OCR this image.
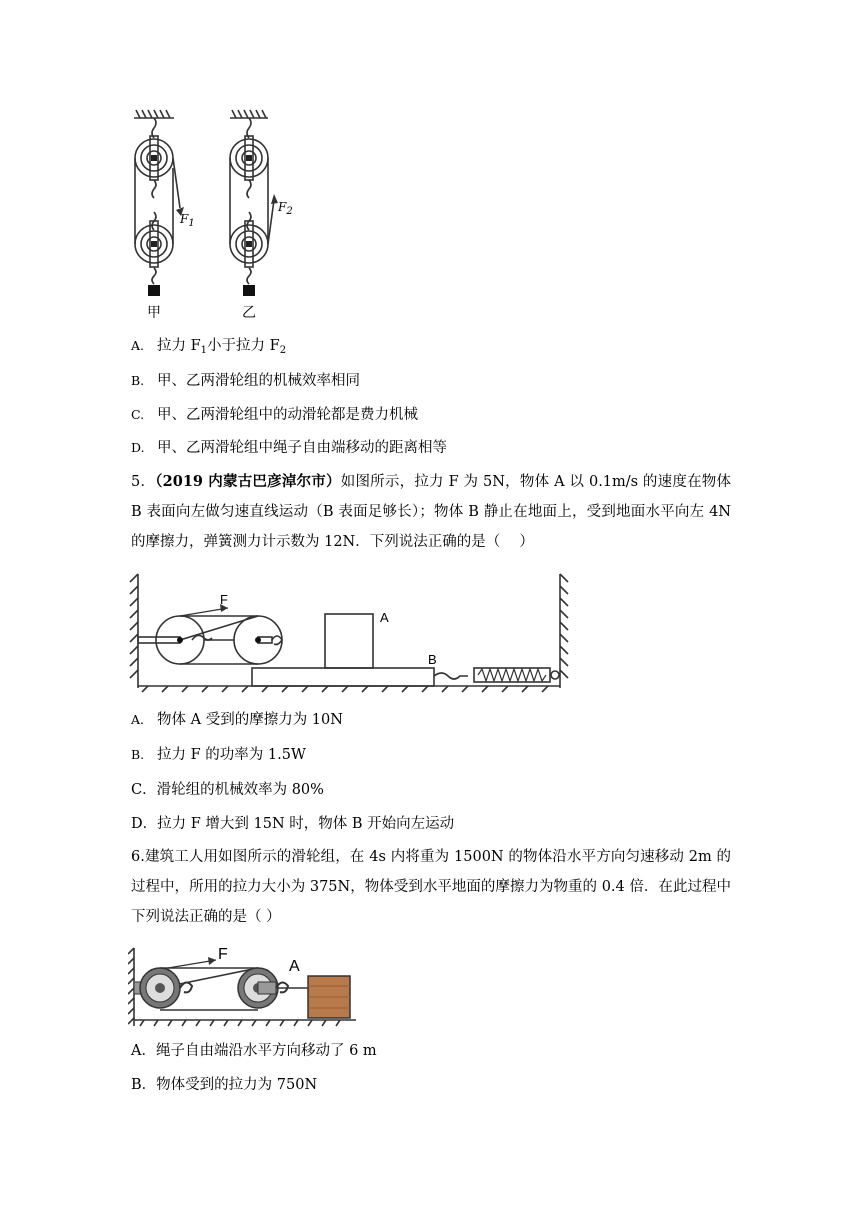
$F_1$
$F_2$
甲	乙
A. 拉力 $F_1$小于拉力 $F_2$
B. 甲、乙两滑轮组的机械效率相同
C. 甲、乙两滑轮组中的动滑轮都是费力机械
D. 甲、乙两滑轮组中绳子自由端移动的距离相等
5．（2019 内蒙古巴彦淖尔市）如图所示，拉力 F 为 5N，物体 A 以 0.1m/s 的速度在物体 B 表面向左做匀速直线运动（B 表面足够长）；物体 B 静止在地面上，受到地面水平向左 4N 的摩擦力，弹簧测力计示数为 12N．下列说法正确的是（　 ）
F
A
B
A. 物体 A 受到的摩擦力为 10N
B. 拉力 F 的功率为 1.5W
C．滑轮组的机械效率为 80%
D．拉力 F 增大到 15N 时，物体 B 开始向左运动
6.建筑工人用如图所示的滑轮组，在 4s 内将重为 1500N 的物体沿水平方向匀速移动 2m 的过程中，所用的拉力大小为 375N，物体受到水平地面的摩擦力为物重的 0.4 倍．在此过程中下列说法正确的是（ ）
F
A
A．绳子自由端沿水平方向移动了 6 m
B．物体受到的拉力为 750N
